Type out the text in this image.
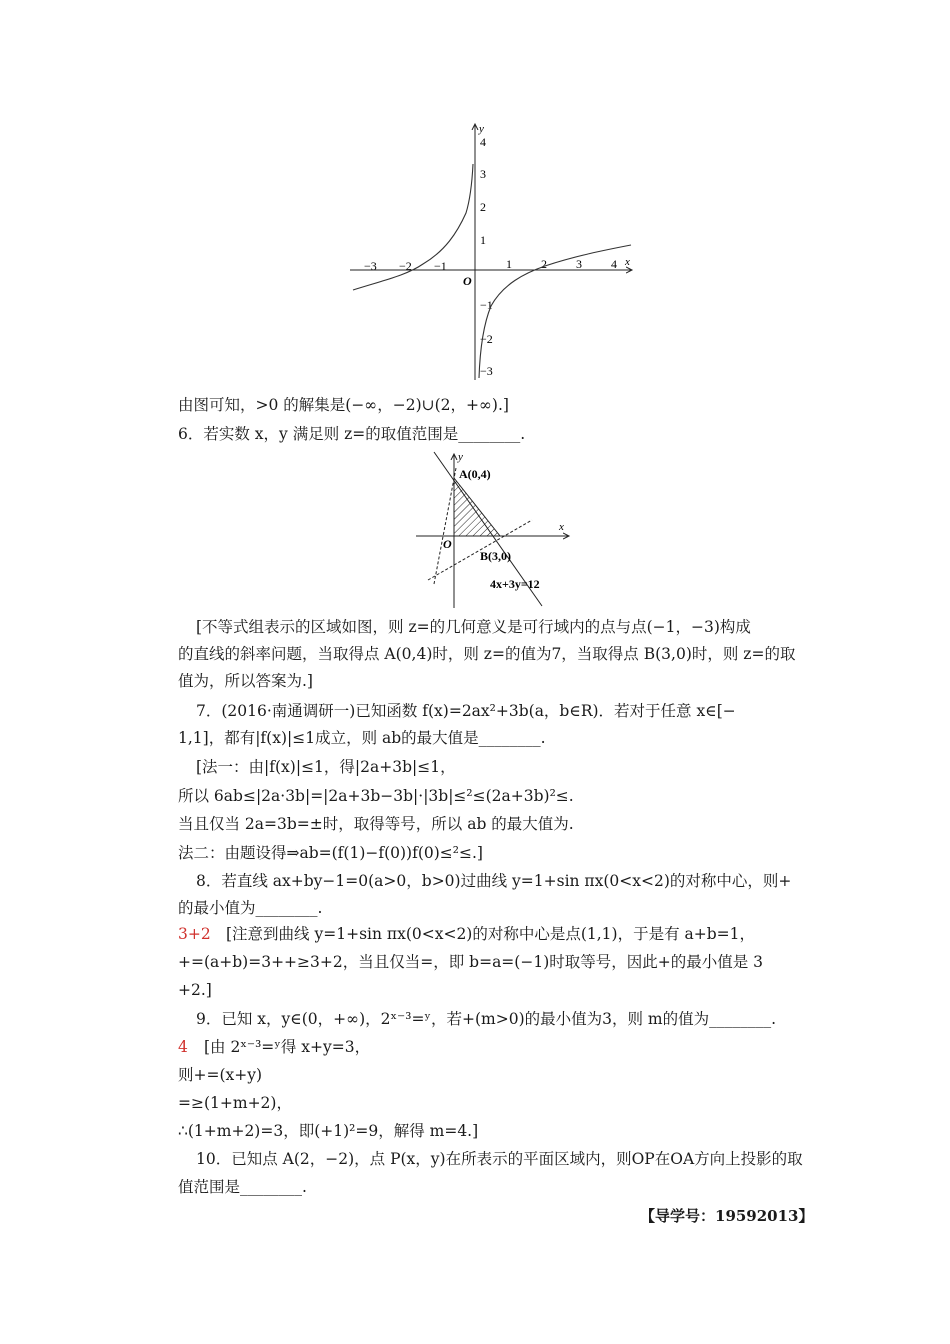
x
y
O
−3 −2 −1	1 2 3 4
4
3
2
1
−1
−2
−3
由图可知，>0 的解集是(−∞，−2)∪(2，+∞).]
6．若实数 x，y 满足则 z=的取值范围是________.
A(0,4)
B(3,0)
4x+3y=12
x
y
O
[不等式组表示的区域如图，则 z=的几何意义是可行域内的点与点(−1，−3)构成
的直线的斜率问题，当取得点 A(0,4)时，则 z=的值为7，当取得点 B(3,0)时，则 z=的取
值为，所以答案为.]
7．(2016·南通调研一)已知函数 f(x)=2ax²+3b(a，b∈R)．若对于任意 x∈[−
1,1]，都有|f(x)|≤1成立，则 ab的最大值是________.
[法一：由|f(x)|≤1，得|2a+3b|≤1，
所以 6ab≤|2a·3b|=|2a+3b−3b|·|3b|≤²≤(2a+3b)²≤.
当且仅当 2a=3b=±时，取得等号，所以 ab 的最大值为.
法二：由题设得⇒ab=(f(1)−f(0))f(0)≤²≤.]
8．若直线 ax+by−1=0(a>0，b>0)过曲线 y=1+sin πx(0<x<2)的对称中心，则+
的最小值为________.
3+2 [注意到曲线 y=1+sin πx(0<x<2)的对称中心是点(1,1)，于是有 a+b=1，
+=(a+b)=3++≥3+2，当且仅当=，即 b=a=(−1)时取等号，因此+的最小值是 3
+2.]
9．已知 x，y∈(0，+∞)，2ˣ⁻³=ʸ，若+(m>0)的最小值为3，则 m的值为________.
4 [由 2ˣ⁻³=ʸ得 x+y=3，
则+=(x+y)
=≥(1+m+2)，
∴(1+m+2)=3，即(+1)²=9，解得 m=4.]
10．已知点 A(2，−2)，点 P(x，y)在所表示的平面区域内，则OP在OA方向上投影的取
值范围是________.
【导学号：19592013】
